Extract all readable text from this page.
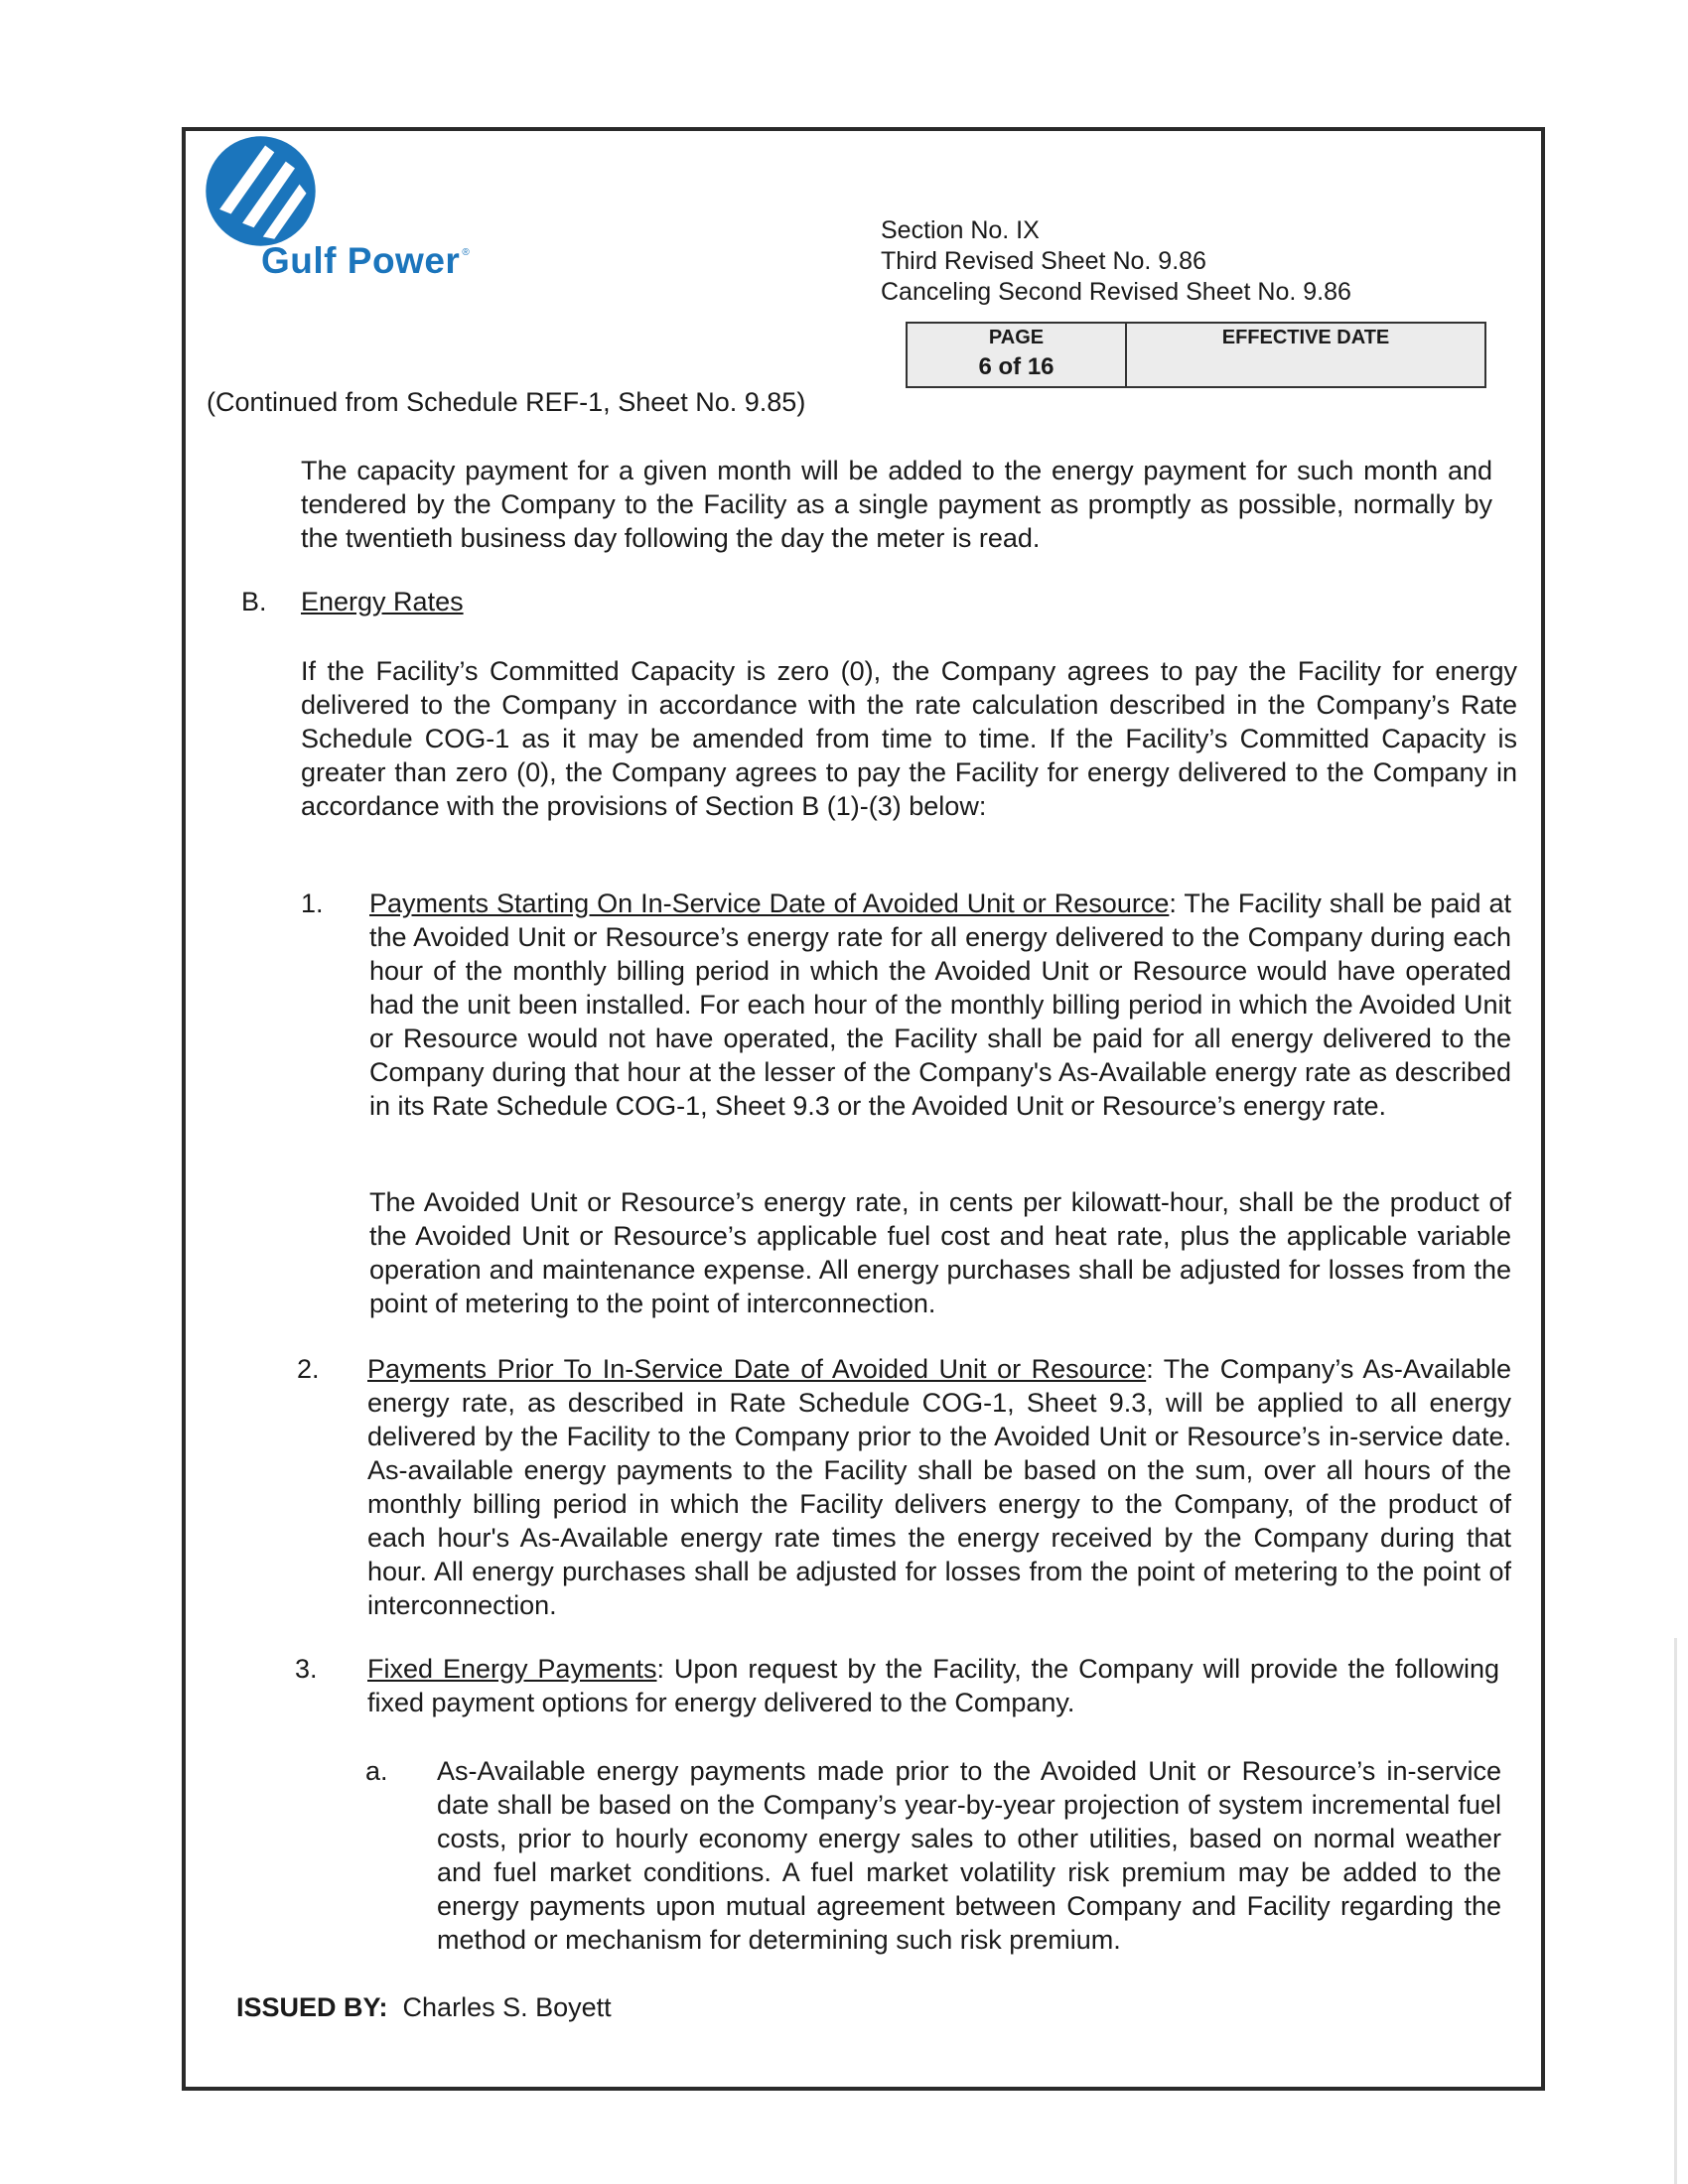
Gulf Power ®
Section No. IX
Third Revised Sheet No. 9.86
Canceling Second Revised Sheet No. 9.86
PAGE
6 of 16
EFFECTIVE DATE
(Continued from Schedule REF-1, Sheet No. 9.85)

The capacity payment for a given month will be added to the energy payment for such month and tendered by the Company to the Facility as a single payment as promptly as possible, normally by the twentieth business day following the day the meter is read.

B. Energy Rates

If the Facility’s Committed Capacity is zero (0), the Company agrees to pay the Facility for energy delivered to the Company in accordance with the rate calculation described in the Company’s Rate Schedule COG-1 as it may be amended from time to time. If the Facility’s Committed Capacity is greater than zero (0), the Company agrees to pay the Facility for energy delivered to the Company in accordance with the provisions of Section B (1)-(3) below:

1. Payments Starting On In-Service Date of Avoided Unit or Resource: The Facility shall be paid at the Avoided Unit or Resource’s energy rate for all energy delivered to the Company during each hour of the monthly billing period in which the Avoided Unit or Resource would have operated had the unit been installed. For each hour of the monthly billing period in which the Avoided Unit or Resource would not have operated, the Facility shall be paid for all energy delivered to the Company during that hour at the lesser of the Company's As-Available energy rate as described in its Rate Schedule COG-1, Sheet 9.3 or the Avoided Unit or Resource’s energy rate.

The Avoided Unit or Resource’s energy rate, in cents per kilowatt-hour, shall be the product of the Avoided Unit or Resource’s applicable fuel cost and heat rate, plus the applicable variable operation and maintenance expense. All energy purchases shall be adjusted for losses from the point of metering to the point of interconnection.

2. Payments Prior To In-Service Date of Avoided Unit or Resource: The Company’s As-Available energy rate, as described in Rate Schedule COG-1, Sheet 9.3, will be applied to all energy delivered by the Facility to the Company prior to the Avoided Unit or Resource’s in-service date. As-available energy payments to the Facility shall be based on the sum, over all hours of the monthly billing period in which the Facility delivers energy to the Company, of the product of each hour's As-Available energy rate times the energy received by the Company during that hour. All energy purchases shall be adjusted for losses from the point of metering to the point of interconnection.

3. Fixed Energy Payments: Upon request by the Facility, the Company will provide the following fixed payment options for energy delivered to the Company.

a. As-Available energy payments made prior to the Avoided Unit or Resource’s in-service date shall be based on the Company’s year-by-year projection of system incremental fuel costs, prior to hourly economy energy sales to other utilities, based on normal weather and fuel market conditions. A fuel market volatility risk premium may be added to the energy payments upon mutual agreement between Company and Facility regarding the method or mechanism for determining such risk premium.

ISSUED BY: Charles S. Boyett
